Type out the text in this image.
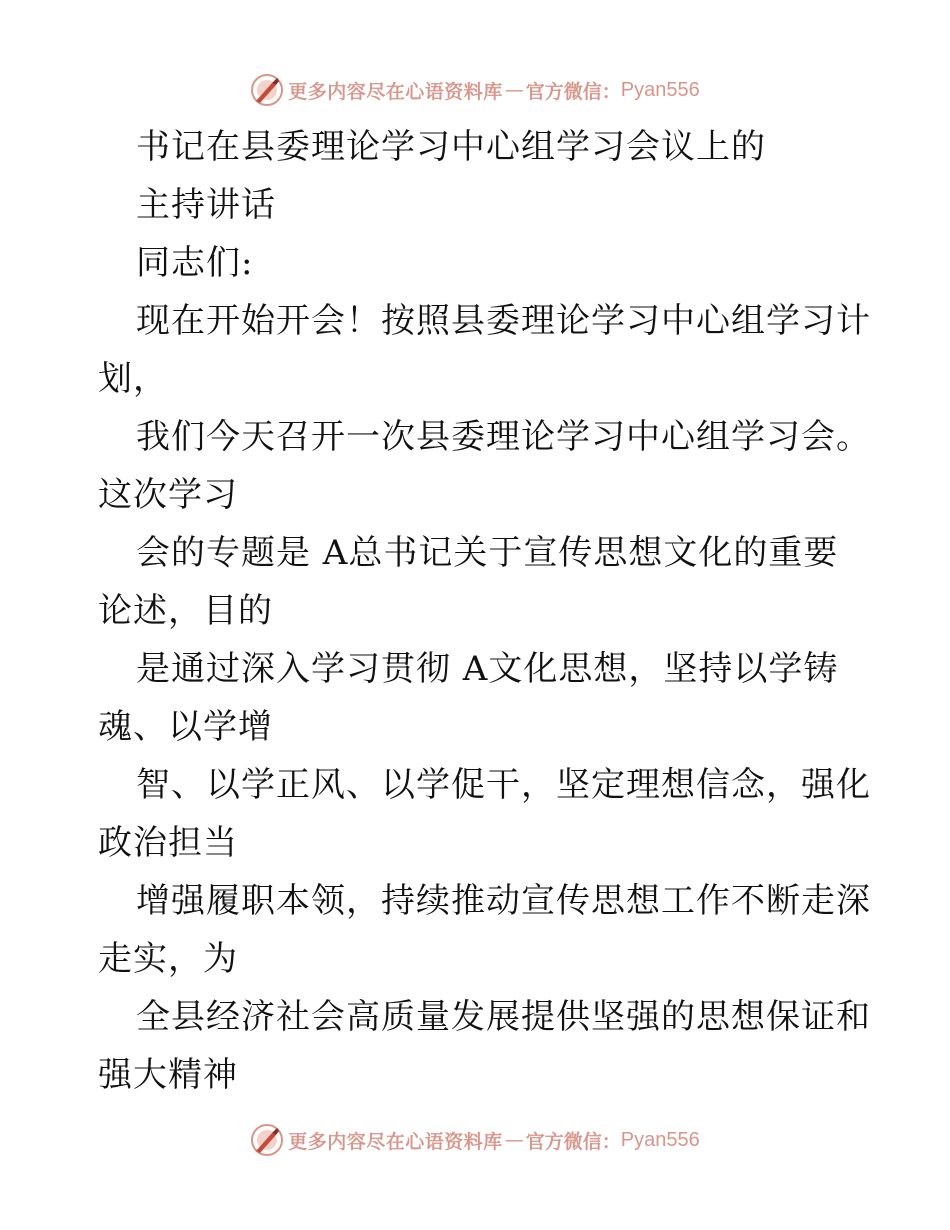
更多内容尽在心语资料库 — 官方微信： Pyan556
书记在县委理论学习中心组学习会议上的
主持讲话
同志们:
现在开始开会！按照县委理论学习中心组学习计
划，
我们今天召开一次县委理论学习中心组学习会。
这次学习
会的专题是 A总书记关于宣传思想文化的重要
论述，目的
是通过深入学习贯彻 A文化思想，坚持以学铸
魂、以学增
智、以学正风、以学促干，坚定理想信念，强化
政治担当
增强履职本领，持续推动宣传思想工作不断走深
走实，为
全县经济社会高质量发展提供坚强的思想保证和
强大精神
更多内容尽在心语资料库 — 官方微信： Pyan556
